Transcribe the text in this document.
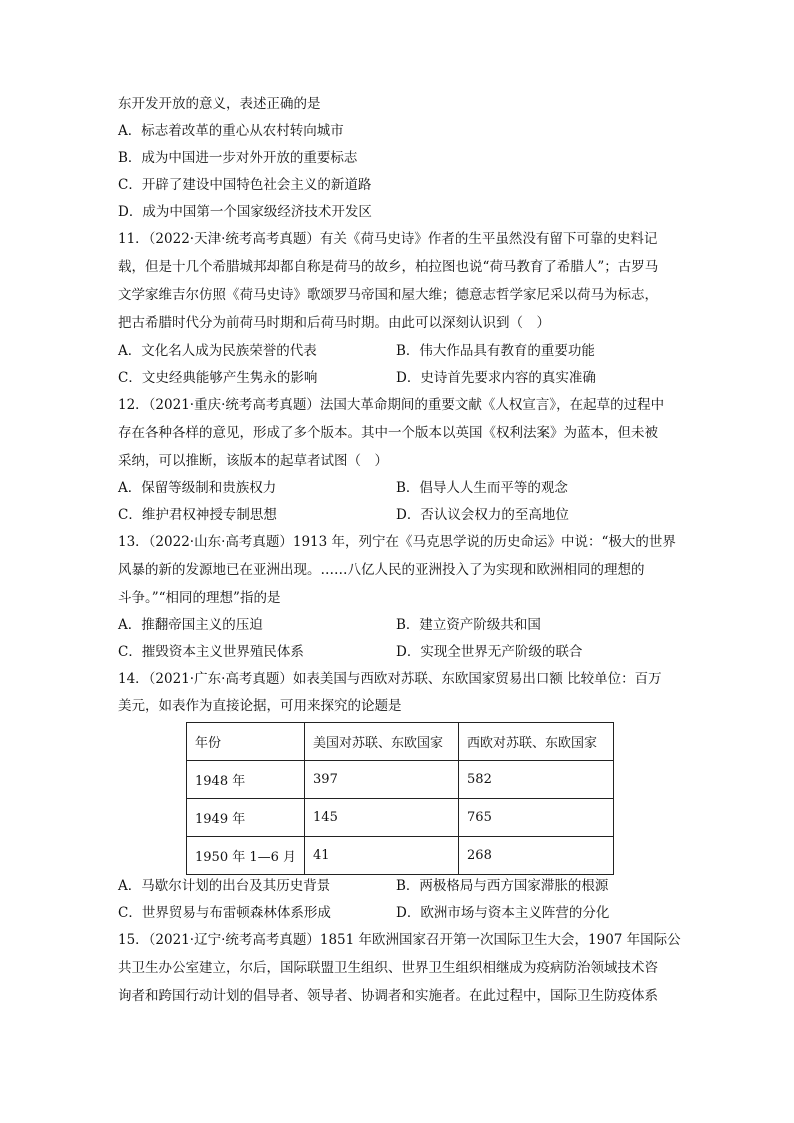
东开发开放的意义，表述正确的是
A．标志着改革的重心从农村转向城市
B．成为中国进一步对外开放的重要标志
C．开辟了建设中国特色社会主义的新道路
D．成为中国第一个国家级经济技术开发区
11．（2022·天津·统考高考真题）有关《荷马史诗》作者的生平虽然没有留下可靠的史料记
载，但是十几个希腊城邦却都自称是荷马的故乡，柏拉图也说“荷马教育了希腊人”；古罗马
文学家维吉尔仿照《荷马史诗》歌颂罗马帝国和屋大维；德意志哲学家尼采以荷马为标志，
把古希腊时代分为前荷马时期和后荷马时期。由此可以深刻认识到（　）
A．文化名人成为民族荣誉的代表	B．伟大作品具有教育的重要功能
C．文史经典能够产生隽永的影响	D．史诗首先要求内容的真实准确
12．（2021·重庆·统考高考真题）法国大革命期间的重要文献《人权宣言》，在起草的过程中
存在各种各样的意见，形成了多个版本。其中一个版本以英国《权利法案》为蓝本，但未被
采纳，可以推断，该版本的起草者试图（　）
A．保留等级制和贵族权力	B．倡导人人生而平等的观念
C．维护君权神授专制思想	D．否认议会权力的至高地位
13．（2022·山东·高考真题）1913 年，列宁在《马克思学说的历史命运》中说：“极大的世界
风暴的新的发源地已在亚洲出现。……八亿人民的亚洲投入了为实现和欧洲相同的理想的
斗争。”“相同的理想”指的是
A．推翻帝国主义的压迫	B．建立资产阶级共和国
C．摧毁资本主义世界殖民体系	D．实现全世界无产阶级的联合
14．（2021·广东·高考真题）如表美国与西欧对苏联、东欧国家贸易出口额 比较单位：百万
美元，如表作为直接论据，可用来探究的论题是
年份	美国对苏联、东欧国家	西欧对苏联、东欧国家
1948 年	397	582
1949 年	145	765
1950 年 1—6 月	41	268
A．马歇尔计划的出台及其历史背景	B．两极格局与西方国家滞胀的根源
C．世界贸易与布雷顿森林体系形成	D．欧洲市场与资本主义阵营的分化
15．（2021·辽宁·统考高考真题）1851 年欧洲国家召开第一次国际卫生大会，1907 年国际公
共卫生办公室建立，尔后，国际联盟卫生组织、世界卫生组织相继成为疫病防治领域技术咨
询者和跨国行动计划的倡导者、领导者、协调者和实施者。在此过程中，国际卫生防疫体系
